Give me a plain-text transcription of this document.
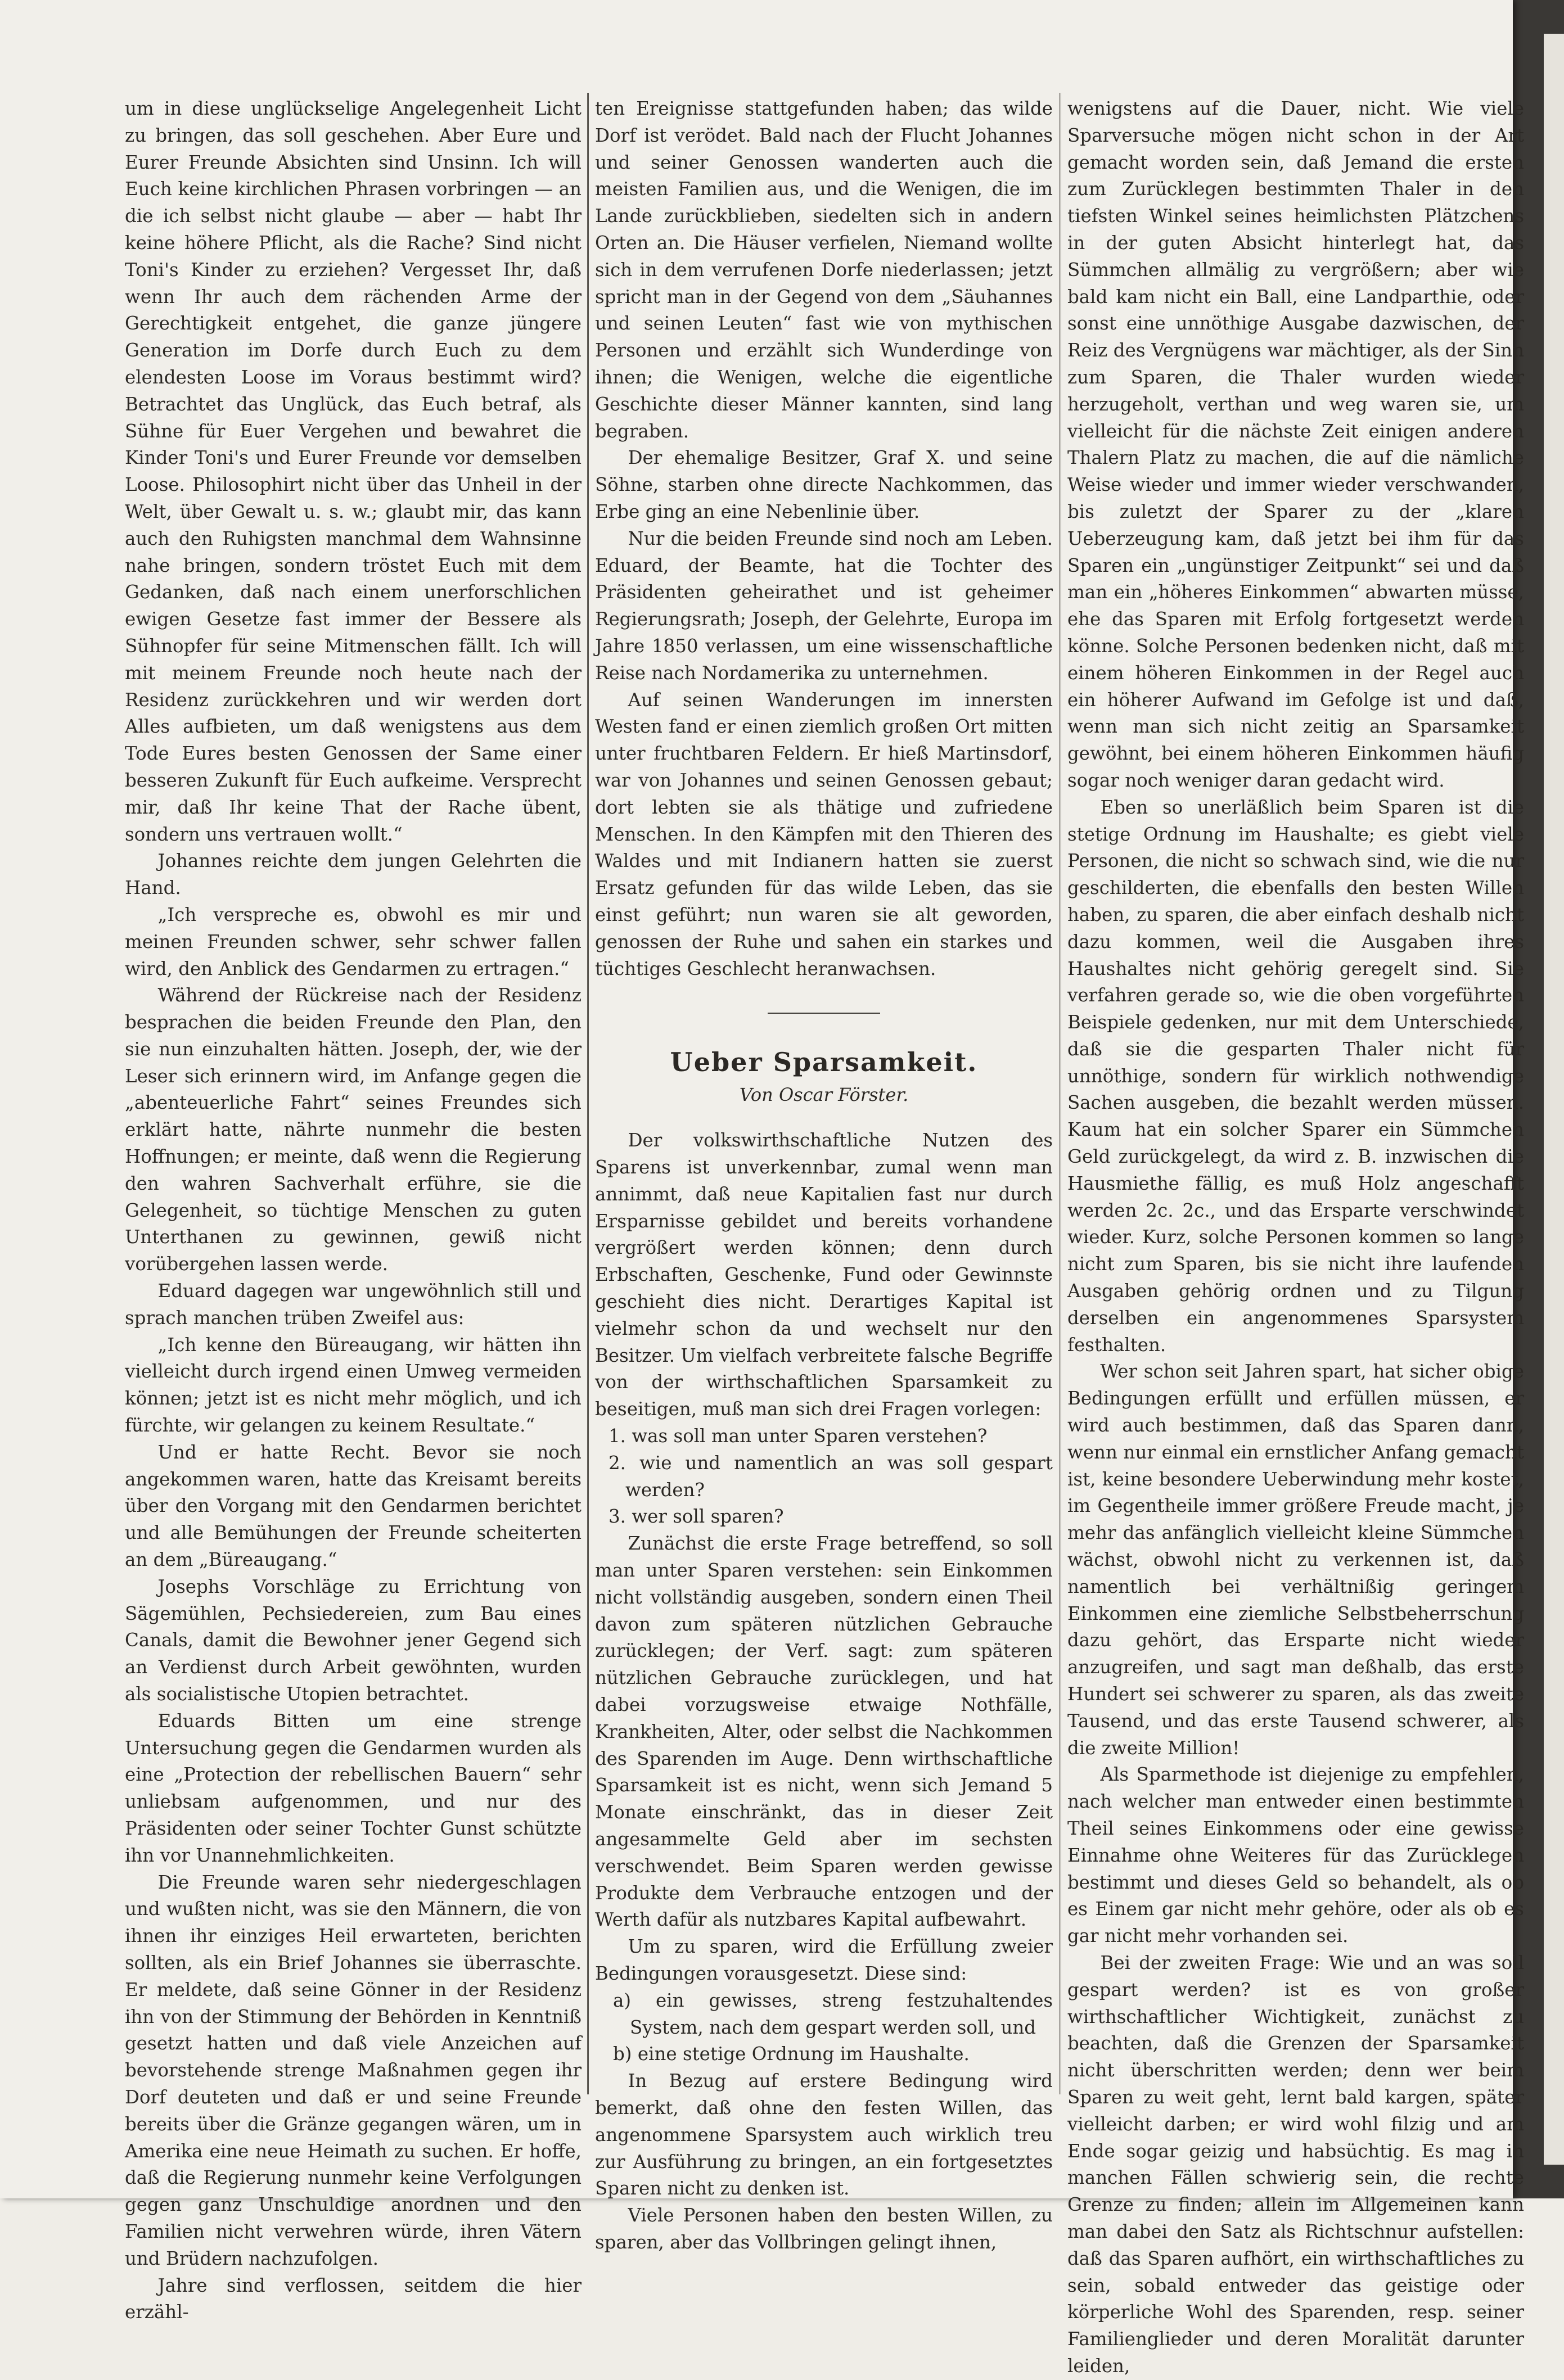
um in diese unglückselige Angelegenheit Licht zu bringen, das soll geschehen. Aber Eure und Eurer Freunde Absichten sind Unsinn. Ich will Euch keine kirchlichen Phrasen vorbringen — an die ich selbst nicht glaube — aber — habt Ihr keine höhere Pflicht, als die Rache? Sind nicht Toni's Kinder zu erziehen? Vergesset Ihr, daß wenn Ihr auch dem rächenden Arme der Gerechtigkeit entgehet, die ganze jüngere Generation im Dorfe durch Euch zu dem elendesten Loose im Voraus bestimmt wird? Betrachtet das Unglück, das Euch betraf, als Sühne für Euer Vergehen und bewahret die Kinder Toni's und Eurer Freunde vor demselben Loose. Philosophirt nicht über das Unheil in der Welt, über Gewalt u. s. w.; glaubt mir, das kann auch den Ruhigsten manchmal dem Wahnsinne nahe bringen, sondern tröstet Euch mit dem Gedanken, daß nach einem unerforschlichen ewigen Gesetze fast immer der Bessere als Sühnopfer für seine Mitmenschen fällt. Ich will mit meinem Freunde noch heute nach der Residenz zurückkehren und wir werden dort Alles aufbieten, um daß wenigstens aus dem Tode Eures besten Genossen der Same einer besseren Zukunft für Euch aufkeime. Versprecht mir, daß Ihr keine That der Rache übent, sondern uns vertrauen wollt.“

Johannes reichte dem jungen Gelehrten die Hand.

„Ich verspreche es, obwohl es mir und meinen Freunden schwer, sehr schwer fallen wird, den Anblick des Gendarmen zu ertragen.“

Während der Rückreise nach der Residenz besprachen die beiden Freunde den Plan, den sie nun einzuhalten hätten. Joseph, der, wie der Leser sich erinnern wird, im Anfange gegen die „abenteuerliche Fahrt“ seines Freundes sich erklärt hatte, nährte nunmehr die besten Hoffnungen; er meinte, daß wenn die Regierung den wahren Sachverhalt erführe, sie die Gelegenheit, so tüchtige Menschen zu guten Unterthanen zu gewinnen, gewiß nicht vorübergehen lassen werde.

Eduard dagegen war ungewöhnlich still und sprach manchen trüben Zweifel aus:

„Ich kenne den Büreaugang, wir hätten ihn vielleicht durch irgend einen Umweg vermeiden können; jetzt ist es nicht mehr möglich, und ich fürchte, wir gelangen zu keinem Resultate.“

Und er hatte Recht. Bevor sie noch angekommen waren, hatte das Kreisamt bereits über den Vorgang mit den Gendarmen berichtet und alle Bemühungen der Freunde scheiterten an dem „Büreaugang.“

Josephs Vorschläge zu Errichtung von Sägemühlen, Pechsiedereien, zum Bau eines Canals, damit die Bewohner jener Gegend sich an Verdienst durch Arbeit gewöhnten, wurden als socialistische Utopien betrachtet.

Eduards Bitten um eine strenge Untersuchung gegen die Gendarmen wurden als eine „Protection der rebellischen Bauern“ sehr unliebsam aufgenommen, und nur des Präsidenten oder seiner Tochter Gunst schützte ihn vor Unannehmlichkeiten.

Die Freunde waren sehr niedergeschlagen und wußten nicht, was sie den Männern, die von ihnen ihr einziges Heil erwarteten, berichten sollten, als ein Brief Johannes sie überraschte. Er meldete, daß seine Gönner in der Residenz ihn von der Stimmung der Behörden in Kenntniß gesetzt hatten und daß viele Anzeichen auf bevorstehende strenge Maßnahmen gegen ihr Dorf deuteten und daß er und seine Freunde bereits über die Gränze gegangen wären, um in Amerika eine neue Heimath zu suchen. Er hoffe, daß die Regierung nunmehr keine Verfolgungen gegen ganz Unschuldige anordnen und den Familien nicht verwehren würde, ihren Vätern und Brüdern nachzufolgen.

Jahre sind verflossen, seitdem die hier erzähl-

ten Ereignisse stattgefunden haben; das wilde Dorf ist verödet. Bald nach der Flucht Johannes und seiner Genossen wanderten auch die meisten Familien aus, und die Wenigen, die im Lande zurückblieben, siedelten sich in andern Orten an. Die Häuser verfielen, Niemand wollte sich in dem verrufenen Dorfe niederlassen; jetzt spricht man in der Gegend von dem „Säuhannes und seinen Leuten“ fast wie von mythischen Personen und erzählt sich Wunderdinge von ihnen; die Wenigen, welche die eigentliche Geschichte dieser Männer kannten, sind lang begraben.

Der ehemalige Besitzer, Graf X. und seine Söhne, starben ohne directe Nachkommen, das Erbe ging an eine Nebenlinie über.

Nur die beiden Freunde sind noch am Leben. Eduard, der Beamte, hat die Tochter des Präsidenten geheirathet und ist geheimer Regierungsrath; Joseph, der Gelehrte, Europa im Jahre 1850 verlassen, um eine wissenschaftliche Reise nach Nordamerika zu unternehmen.

Auf seinen Wanderungen im innersten Westen fand er einen ziemlich großen Ort mitten unter fruchtbaren Feldern. Er hieß Martinsdorf, war von Johannes und seinen Genossen gebaut; dort lebten sie als thätige und zufriedene Menschen. In den Kämpfen mit den Thieren des Waldes und mit Indianern hatten sie zuerst Ersatz gefunden für das wilde Leben, das sie einst geführt; nun waren sie alt geworden, genossen der Ruhe und sahen ein starkes und tüchtiges Geschlecht heranwachsen.

Ueber Sparsamkeit.
Von Oscar Förster.

Der volkswirthschaftliche Nutzen des Sparens ist unverkennbar, zumal wenn man annimmt, daß neue Kapitalien fast nur durch Ersparnisse gebildet und bereits vorhandene vergrößert werden können; denn durch Erbschaften, Geschenke, Fund oder Gewinnste geschieht dies nicht. Derartiges Kapital ist vielmehr schon da und wechselt nur den Besitzer. Um vielfach verbreitete falsche Begriffe von der wirthschaftlichen Sparsamkeit zu beseitigen, muß man sich drei Fragen vorlegen:

1. was soll man unter Sparen verstehen?

2. wie und namentlich an was soll gespart werden?

3. wer soll sparen?

Zunächst die erste Frage betreffend, so soll man unter Sparen verstehen: sein Einkommen nicht vollständig ausgeben, sondern einen Theil davon zum späteren nützlichen Gebrauche zurücklegen; der Verf. sagt: zum späteren nützlichen Gebrauche zurücklegen, und hat dabei vorzugsweise etwaige Nothfälle, Krankheiten, Alter, oder selbst die Nachkommen des Sparenden im Auge. Denn wirthschaftliche Sparsamkeit ist es nicht, wenn sich Jemand 5 Monate einschränkt, das in dieser Zeit angesammelte Geld aber im sechsten verschwendet. Beim Sparen werden gewisse Produkte dem Verbrauche entzogen und der Werth dafür als nutzbares Kapital aufbewahrt.

Um zu sparen, wird die Erfüllung zweier Bedingungen vorausgesetzt. Diese sind:

a) ein gewisses, streng festzuhaltendes System, nach dem gespart werden soll, und

b) eine stetige Ordnung im Haushalte.

In Bezug auf erstere Bedingung wird bemerkt, daß ohne den festen Willen, das angenommene Sparsystem auch wirklich treu zur Ausführung zu bringen, an ein fortgesetztes Sparen nicht zu denken ist.

Viele Personen haben den besten Willen, zu sparen, aber das Vollbringen gelingt ihnen,

wenigstens auf die Dauer, nicht. Wie viele Sparversuche mögen nicht schon in der Art gemacht worden sein, daß Jemand die ersten zum Zurücklegen bestimmten Thaler in den tiefsten Winkel seines heimlichsten Plätzchens in der guten Absicht hinterlegt hat, das Sümmchen allmälig zu vergrößern; aber wie bald kam nicht ein Ball, eine Landparthie, oder sonst eine unnöthige Ausgabe dazwischen, der Reiz des Vergnügens war mächtiger, als der Sinn zum Sparen, die Thaler wurden wieder herzugeholt, verthan und weg waren sie, um vielleicht für die nächste Zeit einigen anderen Thalern Platz zu machen, die auf die nämliche Weise wieder und immer wieder verschwanden, bis zuletzt der Sparer zu der „klaren Ueberzeugung kam, daß jetzt bei ihm für das Sparen ein „ungünstiger Zeitpunkt“ sei und daß man ein „höheres Einkommen“ abwarten müsse, ehe das Sparen mit Erfolg fortgesetzt werden könne. Solche Personen bedenken nicht, daß mit einem höheren Einkommen in der Regel auch ein höherer Aufwand im Gefolge ist und daß, wenn man sich nicht zeitig an Sparsamkeit gewöhnt, bei einem höheren Einkommen häufig sogar noch weniger daran gedacht wird.

Eben so unerläßlich beim Sparen ist die stetige Ordnung im Haushalte; es giebt viele Personen, die nicht so schwach sind, wie die nur geschilderten, die ebenfalls den besten Willen haben, zu sparen, die aber einfach deshalb nicht dazu kommen, weil die Ausgaben ihres Haushaltes nicht gehörig geregelt sind. Sie verfahren gerade so, wie die oben vorgeführten Beispiele gedenken, nur mit dem Unterschiede, daß sie die gesparten Thaler nicht für unnöthige, sondern für wirklich nothwendige Sachen ausgeben, die bezahlt werden müssen. Kaum hat ein solcher Sparer ein Sümmchen Geld zurückgelegt, da wird z. B. inzwischen die Hausmiethe fällig, es muß Holz angeschafft werden 2c. 2c., und das Ersparte verschwindet wieder. Kurz, solche Personen kommen so lange nicht zum Sparen, bis sie nicht ihre laufenden Ausgaben gehörig ordnen und zu Tilgung derselben ein angenommenes Sparsystem festhalten.

Wer schon seit Jahren spart, hat sicher obige Bedingungen erfüllt und erfüllen müssen, er wird auch bestimmen, daß das Sparen dann, wenn nur einmal ein ernstlicher Anfang gemacht ist, keine besondere Ueberwindung mehr kostet, im Gegentheile immer größere Freude macht, je mehr das anfänglich vielleicht kleine Sümmchen wächst, obwohl nicht zu verkennen ist, daß namentlich bei verhältnißig geringem Einkommen eine ziemliche Selbstbeherrschung dazu gehört, das Ersparte nicht wieder anzugreifen, und sagt man deßhalb, das erste Hundert sei schwerer zu sparen, als das zweite Tausend, und das erste Tausend schwerer, als die zweite Million!

Als Sparmethode ist diejenige zu empfehlen, nach welcher man entweder einen bestimmten Theil seines Einkommens oder eine gewisse Einnahme ohne Weiteres für das Zurücklegen bestimmt und dieses Geld so behandelt, als ob es Einem gar nicht mehr gehöre, oder als ob es gar nicht mehr vorhanden sei.

Bei der zweiten Frage: Wie und an was soll gespart werden? ist es von großer wirthschaftlicher Wichtigkeit, zunächst zu beachten, daß die Grenzen der Sparsamkeit nicht überschritten werden; denn wer beim Sparen zu weit geht, lernt bald kargen, später vielleicht darben; er wird wohl filzig und am Ende sogar geizig und habsüchtig. Es mag in manchen Fällen schwierig sein, die rechte Grenze zu finden; allein im Allgemeinen kann man dabei den Satz als Richtschnur aufstellen: daß das Sparen aufhört, ein wirthschaftliches zu sein, sobald entweder das geistige oder körperliche Wohl des Sparenden, resp. seiner Familienglieder und deren Moralität darunter leiden,
